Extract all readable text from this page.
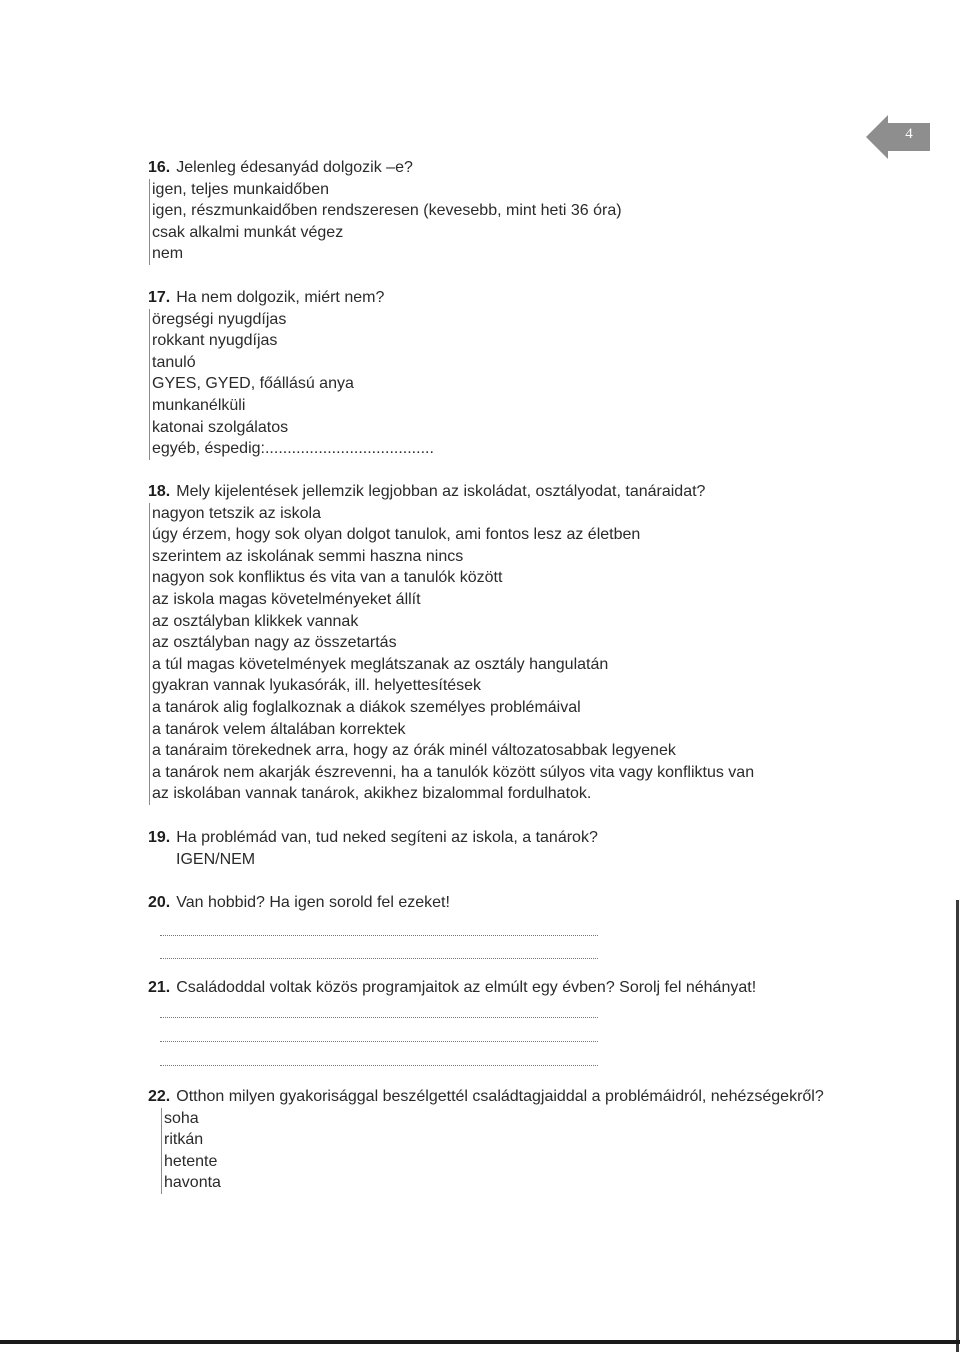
4

16. Jelenleg édesanyád dolgozik –e?

igen, teljes munkaidőben
igen, részmunkaidőben rendszeresen (kevesebb, mint heti 36 óra)
csak alkalmi munkát végez
nem

17. Ha nem dolgozik, miért nem?

öregségi nyugdíjas
rokkant nyugdíjas
tanuló
GYES, GYED, főállású anya
munkanélküli
katonai szolgálatos
egyéb, éspedig:......................................

18. Mely kijelentések jellemzik legjobban az iskoládat, osztályodat, tanáraidat?

nagyon tetszik az iskola
úgy érzem, hogy sok olyan dolgot tanulok, ami fontos lesz az életben
szerintem az iskolának semmi haszna nincs
nagyon sok konfliktus és vita van a tanulók között
az iskola magas követelményeket állít
az osztályban klikkek vannak
az osztályban nagy az összetartás
a túl magas követelmények meglátszanak az osztály hangulatán
gyakran vannak lyukasórák, ill. helyettesítések
a tanárok alig foglalkoznak a diákok személyes problémáival
a tanárok velem általában korrektek
a tanáraim törekednek arra, hogy az órák minél változatosabbak legyenek
a tanárok nem akarják észrevenni, ha a tanulók között súlyos vita vagy konfliktus van
az iskolában vannak tanárok, akikhez bizalommal fordulhatok.

19. Ha problémád van, tud neked segíteni az iskola, a tanárok?

IGEN/NEM

20. Van hobbid? Ha igen sorold fel ezeket!

21. Családoddal voltak közös programjaitok az elmúlt egy évben? Sorolj fel néhányat!

22. Otthon milyen gyakorisággal beszélgettél családtagjaiddal a problémáidról, nehézségekről?

soha
ritkán
hetente
havonta
